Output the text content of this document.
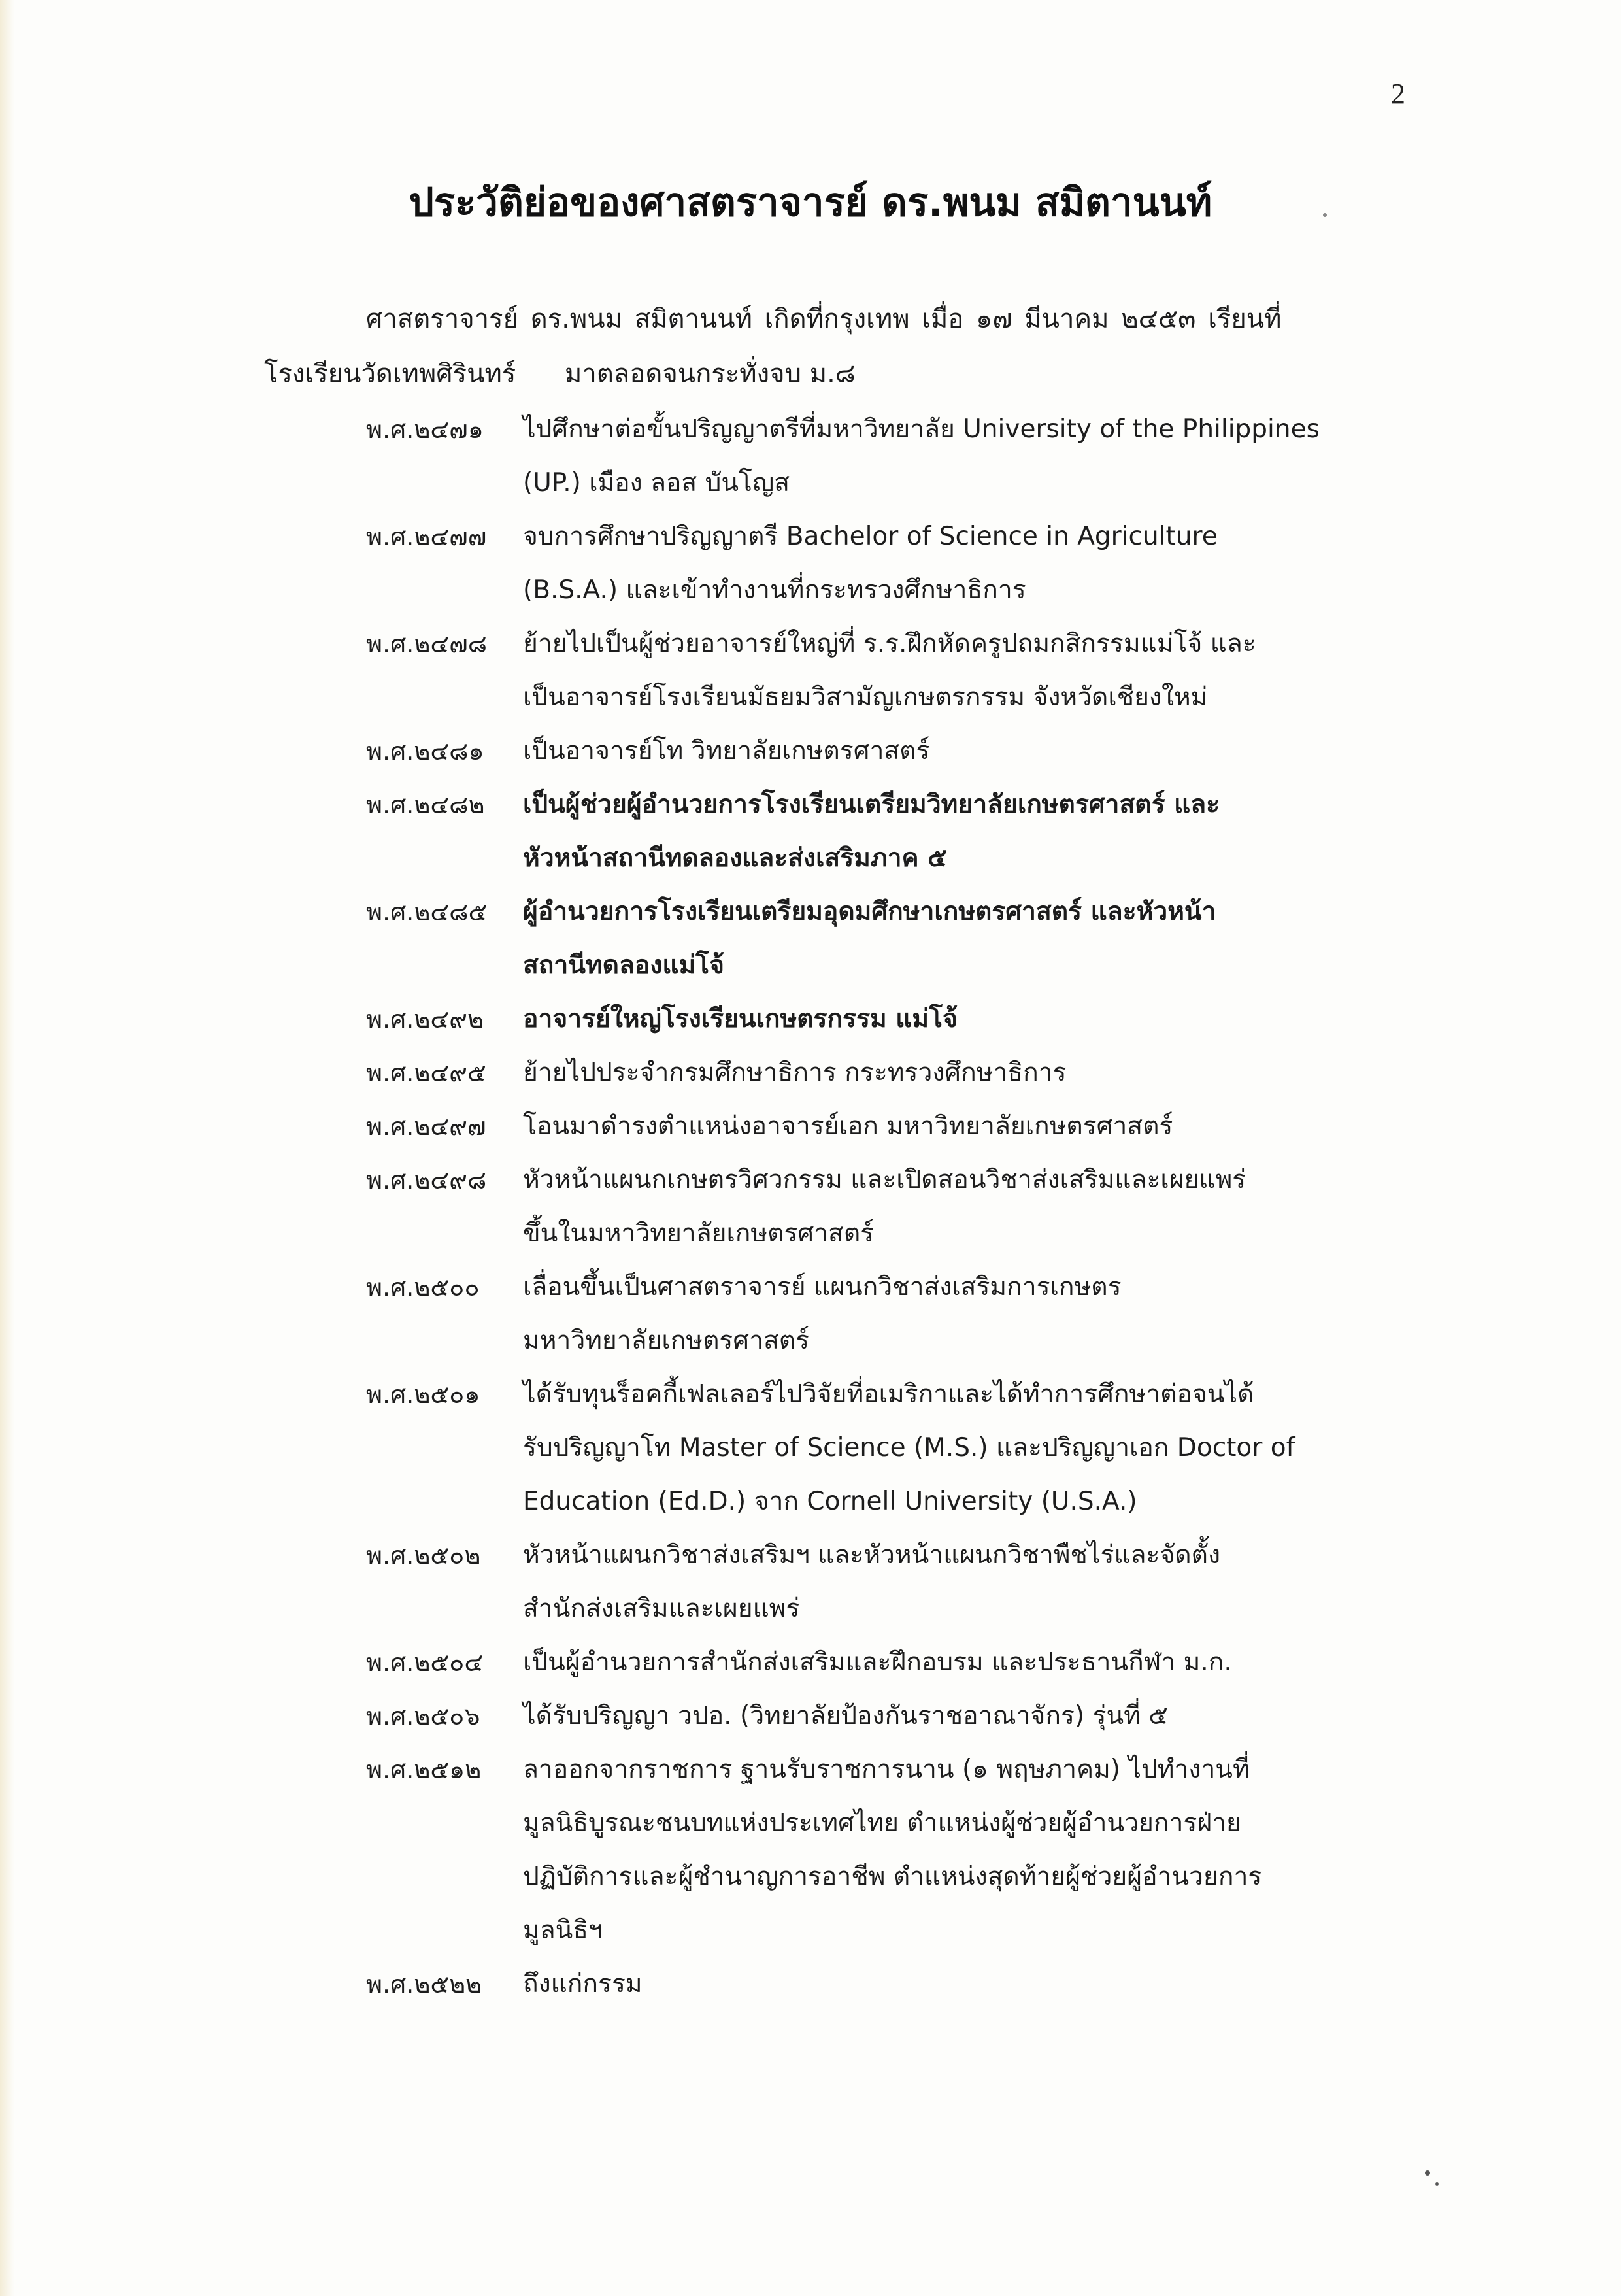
2
ประวัติย่อของศาสตราจารย์ ดร.พนม สมิตานนท์
ศาสตราจารย์ ดร.พนม สมิตานนท์ เกิดที่กรุงเทพ เมื่อ ๑๗ มีนาคม ๒๔๕๓ เรียนที่
โรงเรียนวัดเทพศิรินทร์ มาตลอดจนกระทั่งจบ ม.๘
พ.ศ.๒๔๗๑	ไปศึกษาต่อขั้นปริญญาตรีที่มหาวิทยาลัย University of the Philippines
(UP.) เมือง ลอส บันโญส
พ.ศ.๒๔๗๗	จบการศึกษาปริญญาตรี Bachelor of Science in Agriculture
(B.S.A.) และเข้าทำงานที่กระทรวงศึกษาธิการ
พ.ศ.๒๔๗๘	ย้ายไปเป็นผู้ช่วยอาจารย์ใหญ่ที่ ร.ร.ฝึกหัดครูปถมกสิกรรมแม่โจ้ และ
เป็นอาจารย์โรงเรียนมัธยมวิสามัญเกษตรกรรม จังหวัดเชียงใหม่
พ.ศ.๒๔๘๑	เป็นอาจารย์โท วิทยาลัยเกษตรศาสตร์
พ.ศ.๒๔๘๒	เป็นผู้ช่วยผู้อำนวยการโรงเรียนเตรียมวิทยาลัยเกษตรศาสตร์ และ
หัวหน้าสถานีทดลองและส่งเสริมภาค ๕
พ.ศ.๒๔๘๕	ผู้อำนวยการโรงเรียนเตรียมอุดมศึกษาเกษตรศาสตร์ และหัวหน้า
สถานีทดลองแม่โจ้
พ.ศ.๒๔๙๒	อาจารย์ใหญ่โรงเรียนเกษตรกรรม แม่โจ้
พ.ศ.๒๔๙๕	ย้ายไปประจำกรมศึกษาธิการ กระทรวงศึกษาธิการ
พ.ศ.๒๔๙๗	โอนมาดำรงตำแหน่งอาจารย์เอก มหาวิทยาลัยเกษตรศาสตร์
พ.ศ.๒๔๙๘	หัวหน้าแผนกเกษตรวิศวกรรม และเปิดสอนวิชาส่งเสริมและเผยแพร่
ขึ้นในมหาวิทยาลัยเกษตรศาสตร์
พ.ศ.๒๕๐๐	เลื่อนขึ้นเป็นศาสตราจารย์ แผนกวิชาส่งเสริมการเกษตร
มหาวิทยาลัยเกษตรศาสตร์
พ.ศ.๒๕๐๑	ได้รับทุนร็อคกี้เฟลเลอร์ไปวิจัยที่อเมริกาและได้ทำการศึกษาต่อจนได้
รับปริญญาโท Master of Science (M.S.) และปริญญาเอก Doctor of
Education (Ed.D.) จาก Cornell University (U.S.A.)
พ.ศ.๒๕๐๒	หัวหน้าแผนกวิชาส่งเสริมฯ และหัวหน้าแผนกวิชาพืชไร่และจัดตั้ง
สำนักส่งเสริมและเผยแพร่
พ.ศ.๒๕๐๔	เป็นผู้อำนวยการสำนักส่งเสริมและฝึกอบรม และประธานกีฬา ม.ก.
พ.ศ.๒๕๐๖	ได้รับปริญญา วปอ. (วิทยาลัยป้องกันราชอาณาจักร) รุ่นที่ ๕
พ.ศ.๒๕๑๒	ลาออกจากราชการ ฐานรับราชการนาน (๑ พฤษภาคม) ไปทำงานที่
มูลนิธิบูรณะชนบทแห่งประเทศไทย ตำแหน่งผู้ช่วยผู้อำนวยการฝ่าย
ปฏิบัติการและผู้ชำนาญการอาชีพ ตำแหน่งสุดท้ายผู้ช่วยผู้อำนวยการ
มูลนิธิฯ
พ.ศ.๒๕๒๒	ถึงแก่กรรม
